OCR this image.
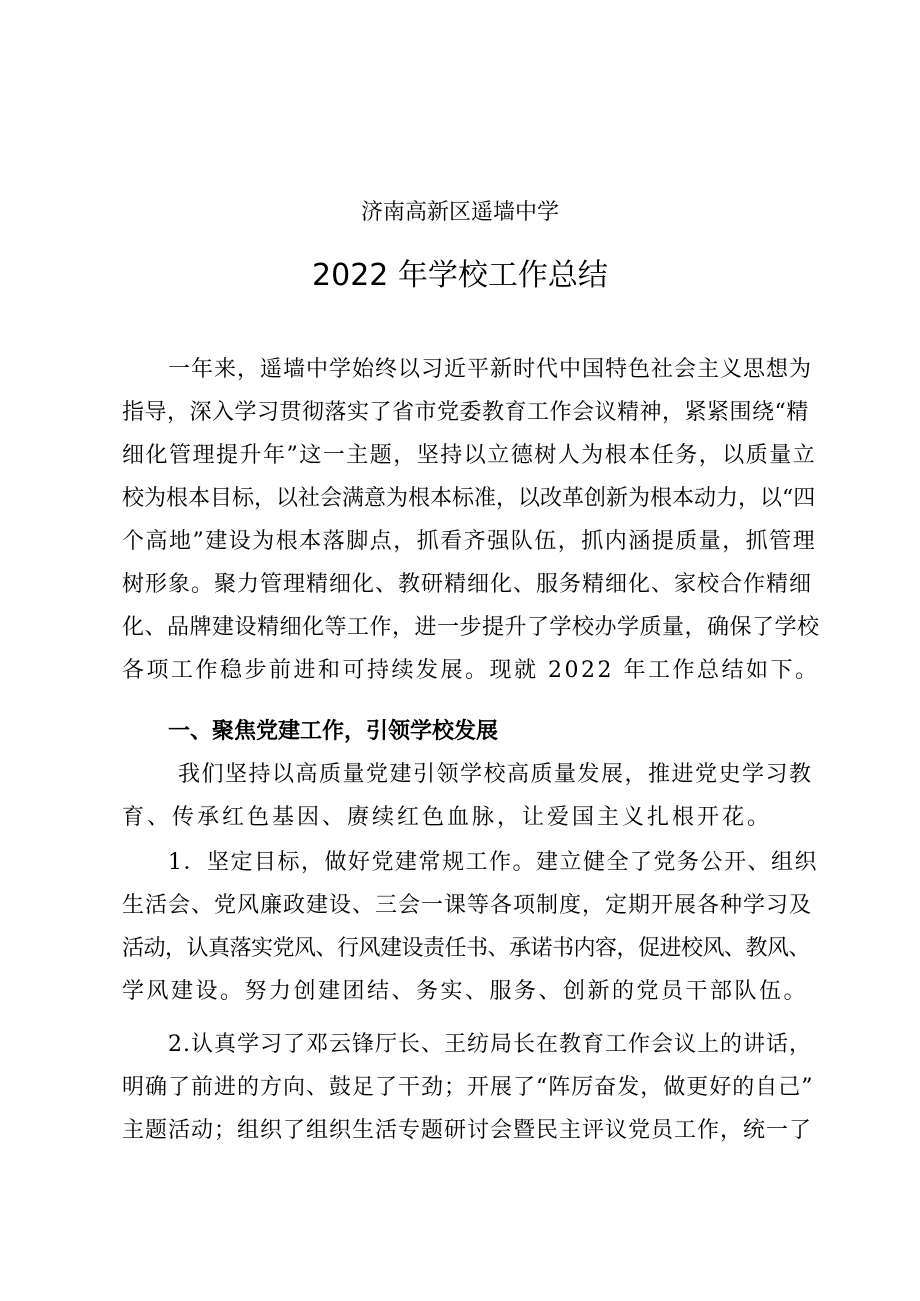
济南高新区遥墙中学
2022 年学校工作总结
一年来，遥墙中学始终以习近平新时代中国特色社会主义思想为
指导，深入学习贯彻落实了省市党委教育工作会议精神，紧紧围绕“精
细化管理提升年”这一主题，坚持以立德树人为根本任务，以质量立
校为根本目标，以社会满意为根本标准，以改革创新为根本动力，以“四
个高地”建设为根本落脚点，抓看齐强队伍，抓内涵提质量，抓管理
树形象。聚力管理精细化、教研精细化、服务精细化、家校合作精细
化、品牌建设精细化等工作，进一步提升了学校办学质量，确保了学校
各项工作稳步前进和可持续发展。现就 2022 年工作总结如下。
一、聚焦党建工作，引领学校发展
我们坚持以高质量党建引领学校高质量发展，推进党史学习教
育、传承红色基因、赓续红色血脉，让爱国主义扎根开花。
1．坚定目标，做好党建常规工作。建立健全了党务公开、组织
生活会、党风廉政建设、三会一课等各项制度，定期开展各种学习及
活动，认真落实党风、行风建设责任书、承诺书内容，促进校风、教风、
学风建设。努力创建团结、务实、服务、创新的党员干部队伍。
2.认真学习了邓云锋厅长、王纺局长在教育工作会议上的讲话，
明确了前进的方向、鼓足了干劲；开展了“阵厉奋发，做更好的自己”
主题活动；组织了组织生活专题研讨会暨民主评议党员工作，统一了
